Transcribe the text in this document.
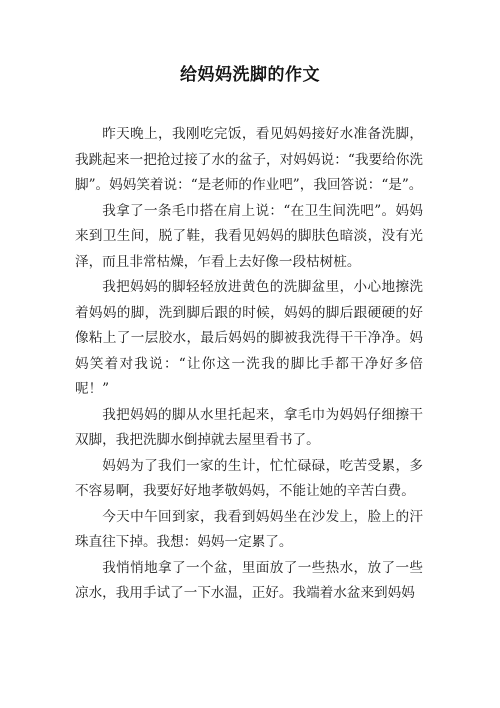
给妈妈洗脚的作文

昨天晚上，我刚吃完饭，看见妈妈接好水准备洗脚，我跳起来一把抢过接了水的盆子，对妈妈说：“我要给你洗脚”。妈妈笑着说：“是老师的作业吧”，我回答说：“是”。

我拿了一条毛巾搭在肩上说：“在卫生间洗吧”。妈妈来到卫生间，脱了鞋，我看见妈妈的脚肤色暗淡，没有光泽，而且非常枯燥，乍看上去好像一段枯树桩。

我把妈妈的脚轻轻放进黄色的洗脚盆里，小心地擦洗着妈妈的脚，洗到脚后跟的时候，妈妈的脚后跟硬硬的好像粘上了一层胶水，最后妈妈的脚被我洗得干干净净。妈妈笑着对我说：“让你这一洗我的脚比手都干净好多倍呢！”

我把妈妈的脚从水里托起来，拿毛巾为妈妈仔细擦干双脚，我把洗脚水倒掉就去屋里看书了。

妈妈为了我们一家的生计，忙忙碌碌，吃苦受累，多不容易啊，我要好好地孝敬妈妈，不能让她的辛苦白费。

今天中午回到家，我看到妈妈坐在沙发上，脸上的汗珠直往下掉。我想：妈妈一定累了。

我悄悄地拿了一个盆，里面放了一些热水，放了一些凉水，我用手试了一下水温，正好。我端着水盆来到妈妈
